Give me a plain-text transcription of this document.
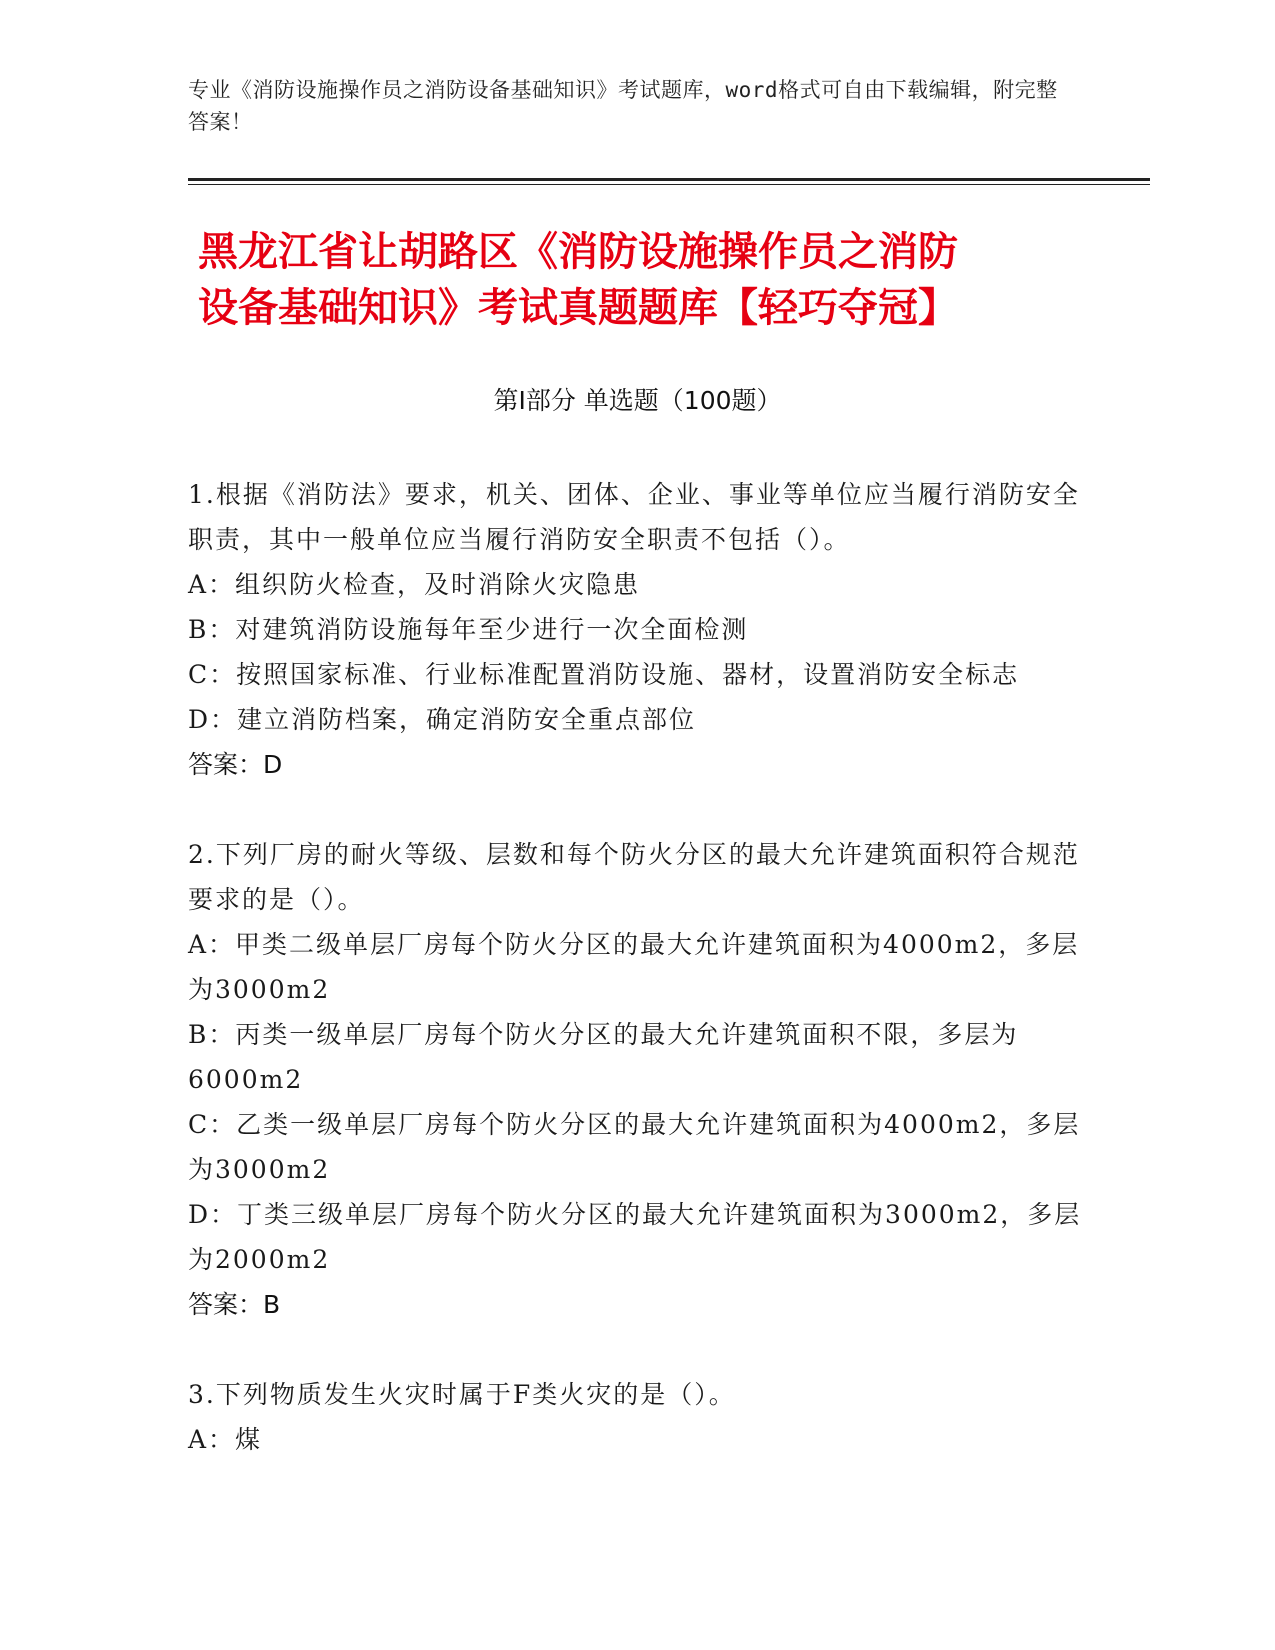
专业《消防设施操作员之消防设备基础知识》考试题库，word格式可自由下载编辑，附完整答案！
黑龙江省让胡路区《消防设施操作员之消防
设备基础知识》考试真题题库【轻巧夺冠】
第Ⅰ部分 单选题（100题）
1.根据《消防法》要求，机关、团体、企业、事业等单位应当履行消防安全职责，其中一般单位应当履行消防安全职责不包括（）。
A：组织防火检查，及时消除火灾隐患
B：对建筑消防设施每年至少进行一次全面检测
C：按照国家标准、行业标准配置消防设施、器材，设置消防安全标志
D：建立消防档案，确定消防安全重点部位
答案：D
2.下列厂房的耐火等级、层数和每个防火分区的最大允许建筑面积符合规范要求的是（）。
A：甲类二级单层厂房每个防火分区的最大允许建筑面积为4000m2，多层为3000m2
B：丙类一级单层厂房每个防火分区的最大允许建筑面积不限，多层为6000m2
C：乙类一级单层厂房每个防火分区的最大允许建筑面积为4000m2，多层为3000m2
D：丁类三级单层厂房每个防火分区的最大允许建筑面积为3000m2，多层为2000m2
答案：B
3.下列物质发生火灾时属于F类火灾的是（）。
A：煤
